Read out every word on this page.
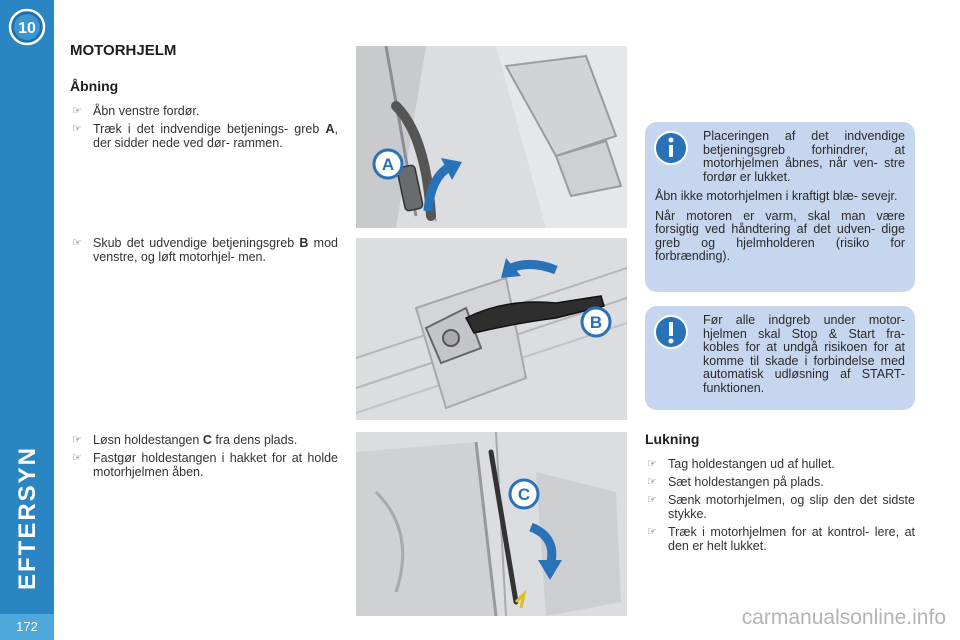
10
EFTERSYN
172
MOTORHJELM
Åbning
☞ Åbn venstre fordør.
☞ Træk i det indvendige betjenings- greb A, der sidder nede ved dør- rammen.
☞ Skub det udvendige betjeningsgreb B mod venstre, og løft motorhjel- men.
☞ Løsn holdestangen C fra dens plads.
☞ Fastgør holdestangen i hakket for at holde motorhjelmen åben.
A
B
C

Placeringen af det indvendige betjeningsgreb forhindrer, at motorhjelmen åbnes, når ven- stre fordør er lukket.

Åbn ikke motorhjelmen i kraftigt blæ- sevejr.

Når motoren er varm, skal man være forsigtig ved håndtering af det udven- dige greb og hjelmholderen (risiko for forbrænding).

Før alle indgreb under motor- hjelmen skal Stop & Start fra- kobles for at undgå risikoen for at komme til skade i forbindelse med automatisk udløsning af START- funktionen.

Lukning
☞ Tag holdestangen ud af hullet.
☞ Sæt holdestangen på plads.
☞ Sænk motorhjelmen, og slip den det sidste stykke.
☞ Træk i motorhjelmen for at kontrol- lere, at den er helt lukket.
carmanualsonline.info
